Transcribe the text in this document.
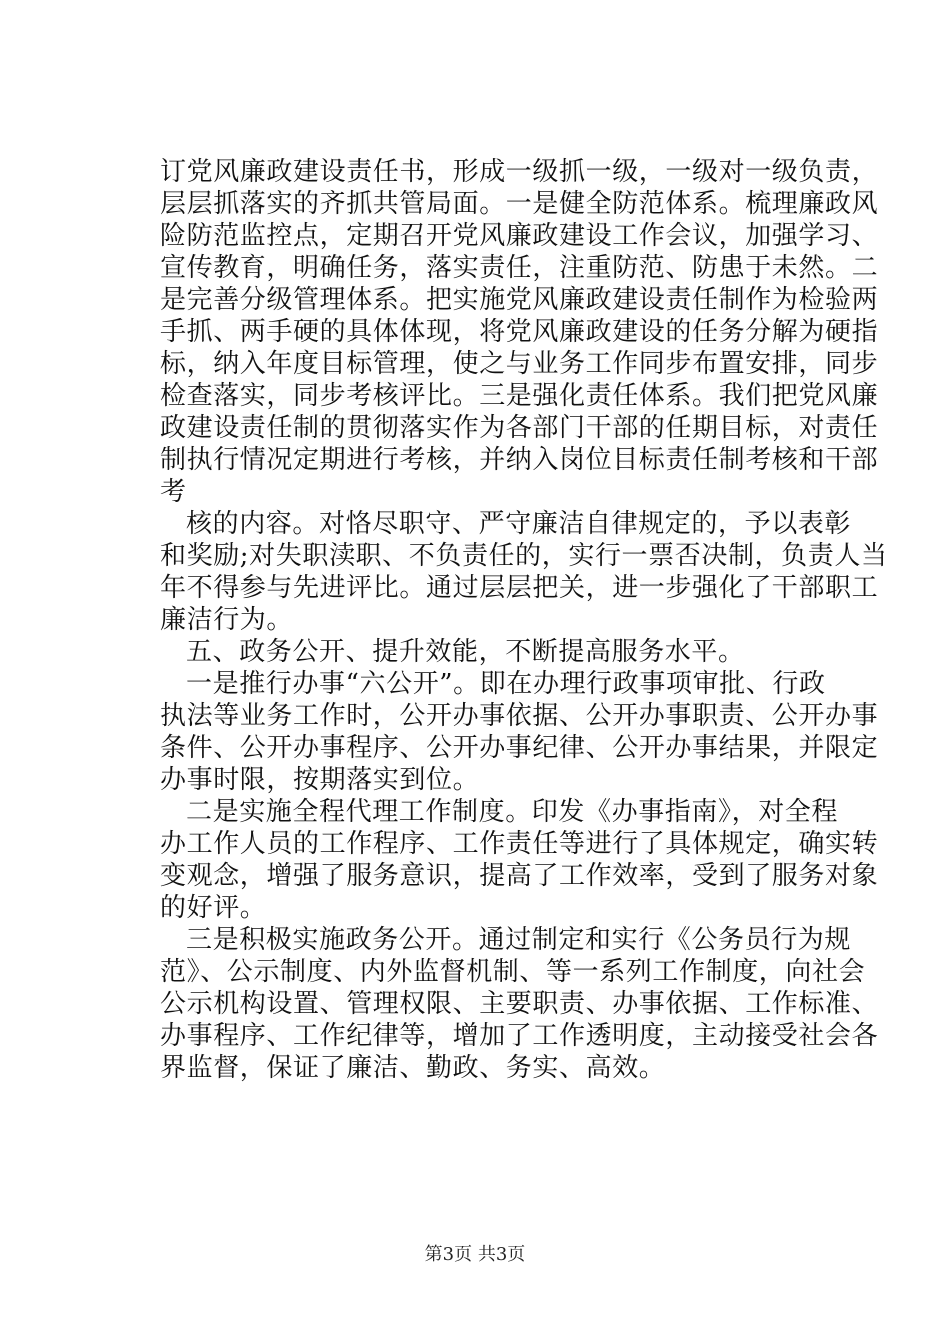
订党风廉政建设责任书，形成一级抓一级，一级对一级负责，
层层抓落实的齐抓共管局面。一是健全防范体系。梳理廉政风
险防范监控点，定期召开党风廉政建设工作会议，加强学习、
宣传教育，明确任务，落实责任，注重防范、防患于未然。二
是完善分级管理体系。把实施党风廉政建设责任制作为检验两
手抓、两手硬的具体体现，将党风廉政建设的任务分解为硬指
标，纳入年度目标管理，使之与业务工作同步布置安排，同步
检查落实，同步考核评比。三是强化责任体系。我们把党风廉
政建设责任制的贯彻落实作为各部门干部的任期目标，对责任
制执行情况定期进行考核，并纳入岗位目标责任制考核和干部
考
核的内容。对恪尽职守、严守廉洁自律规定的，予以表彰
和奖励;对失职渎职、不负责任的，实行一票否决制，负责人当
年不得参与先进评比。通过层层把关，进一步强化了干部职工
廉洁行为。
五、政务公开、提升效能，不断提高服务水平。
一是推行办事“六公开”。即在办理行政事项审批、行政
执法等业务工作时，公开办事依据、公开办事职责、公开办事
条件、公开办事程序、公开办事纪律、公开办事结果，并限定
办事时限，按期落实到位。
二是实施全程代理工作制度。印发《办事指南》，对全程
办工作人员的工作程序、工作责任等进行了具体规定，确实转
变观念，增强了服务意识，提高了工作效率，受到了服务对象
的好评。
三是积极实施政务公开。通过制定和实行《公务员行为规
范》、公示制度、内外监督机制、等一系列工作制度，向社会
公示机构设置、管理权限、主要职责、办事依据、工作标准、
办事程序、工作纪律等，增加了工作透明度，主动接受社会各
界监督，保证了廉洁、勤政、务实、高效。
第3页 共3页
